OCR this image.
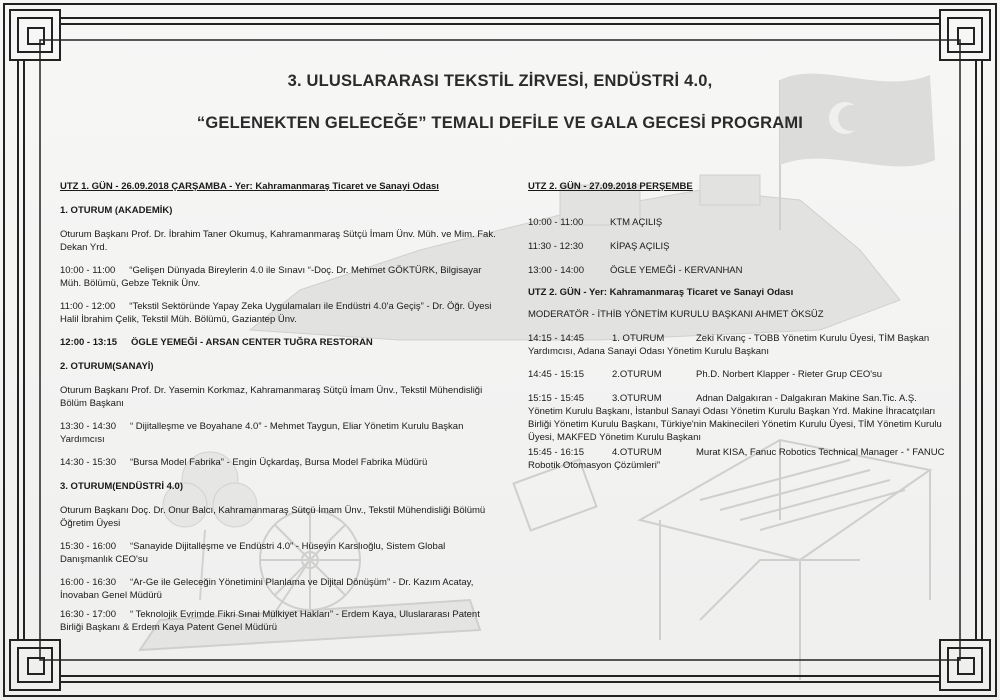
3. ULUSLARARASI TEKSTİL ZİRVESİ, ENDÜSTRİ 4.0,
“GELENEKTEN GELECEĞE” TEMALI DEFİLE VE GALA GECESİ PROGRAMI
UTZ 1. GÜN - 26.09.2018 ÇARŞAMBA - Yer: Kahramanmaraş Ticaret ve Sanayi Odası
1. OTURUM (AKADEMİK)
Oturum Başkanı Prof. Dr. İbrahim Taner Okumuş, Kahramanmaraş Sütçü İmam Ünv. Müh. ve Mim. Fak. Dekan Yrd.
10:00 - 11:00 “Gelişen Dünyada Bireylerin 4.0 ile Sınavı “-Doç. Dr. Mehmet GÖKTÜRK, Bilgisayar Müh. Bölümü, Gebze Teknik Ünv.
11:00 - 12:00 “Tekstil Sektöründe Yapay Zeka Uygulamaları ile Endüstri 4.0'a Geçiş” - Dr. Öğr. Üyesi Halil İbrahim Çelik, Tekstil Müh. Bölümü, Gaziantep Ünv.
12:00 - 13:15 ÖGLE YEMEĞİ - ARSAN CENTER TUĞRA RESTORAN
2. OTURUM(SANAYİ)
Oturum Başkanı Prof. Dr. Yasemin Korkmaz, Kahramanmaraş Sütçü İmam Ünv., Tekstil Mühendisliği Bölüm Başkanı
13:30 - 14:30 “ Dijitalleşme ve Boyahane 4.0” - Mehmet Taygun, Eliar Yönetim Kurulu Başkan Yardımcısı
14:30 - 15:30 “Bursa Model Fabrika” - Engin Üçkardaş, Bursa Model Fabrika Müdürü
3. OTURUM(ENDÜSTRİ 4.0)
Oturum Başkanı Doç. Dr. Onur Balcı, Kahramanmaraş Sütçü İmam Ünv., Tekstil Mühendisliği Bölümü Öğretim Üyesi
15:30 - 16:00 “Sanayide Dijitalleşme ve Endüstri 4.0” - Hüseyin Karslıoğlu, Sistem Global Danışmanlık CEO'su
16:00 - 16:30 “Ar-Ge ile Geleceğin Yönetimini Planlama ve Dijital Dönüşüm” - Dr. Kazım Acatay, İnovaban Genel Müdürü
16:30 - 17:00 “ Teknolojik Evrimde Fikri Sınai Mülkiyet Hakları” - Erdem Kaya, Uluslararası Patent Birliği Başkanı & Erdem Kaya Patent Genel Müdürü
UTZ 2. GÜN - 27.09.2018 PERŞEMBE
10:00 - 11:00	KTM AÇILIŞ
11:30 - 12:30	KİPAŞ AÇILIŞ
13:00 - 14:00	ÖGLE YEMEĞİ - KERVANHAN
UTZ 2. GÜN - Yer: Kahramanmaraş Ticaret ve Sanayi Odası
MODERATÖR - İTHİB YÖNETİM KURULU BAŞKANI AHMET ÖKSÜZ
14:15 - 14:45	1. OTURUM	Zeki Kıvanç - TOBB Yönetim Kurulu Üyesi, TİM Başkan Yardımcısı, Adana Sanayi Odası Yönetim Kurulu Başkanı
14:45 - 15:15	2.OTURUM	Ph.D. Norbert Klapper - Rieter Grup CEO'su
15:15 - 15:45	3.OTURUM	Adnan Dalgakıran - Dalgakıran Makine San.Tic. A.Ş. Yönetim Kurulu Başkanı, İstanbul Sanayi Odası Yönetim Kurulu Başkan Yrd. Makine İhracatçıları Birliği Yönetim Kurulu Başkanı, Türkiye'nin Makinecileri Yönetim Kurulu Üyesi, TİM Yönetim Kurulu Üyesi, MAKFED Yönetim Kurulu Başkanı
15:45 - 16:15	4.OTURUM	Murat KISA, Fanuc Robotics Technical Manager - “ FANUC Robotik Otomasyon Çözümleri”
